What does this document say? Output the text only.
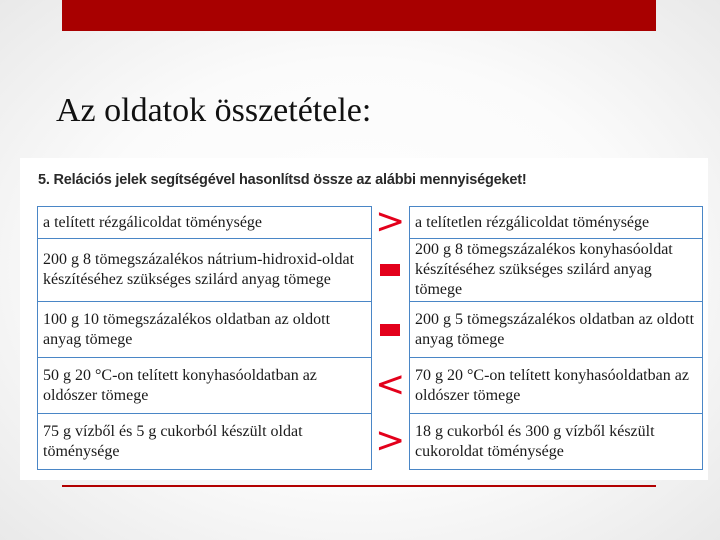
Az oldatok összetétele:
5. Relációs jelek segítségével hasonlítsd össze az alábbi mennyiségeket!
a telített rézgálicoldat töménysége	>	a telítetlen rézgálicoldat töménysége
200 g 8 tömegszázalékos nátrium-hidroxid-oldat készítéséhez szükséges szilárd anyag tömege		200 g 8 tömegszázalékos konyhasóoldat készítéséhez szükséges szilárd anyag tömege
100 g 10 tömegszázalékos oldatban az oldott anyag tömege		200 g 5 tömegszázalékos oldatban az oldott anyag tömege
50 g 20 °C-on telített konyhasóoldatban az oldószer tömege	<	70 g 20 °C-on telített konyhasóoldatban az oldószer tömege
75 g vízből és 5 g cukorból készült oldat töménysége	>	18 g cukorból és 300 g vízből készült cukoroldat töménysége
